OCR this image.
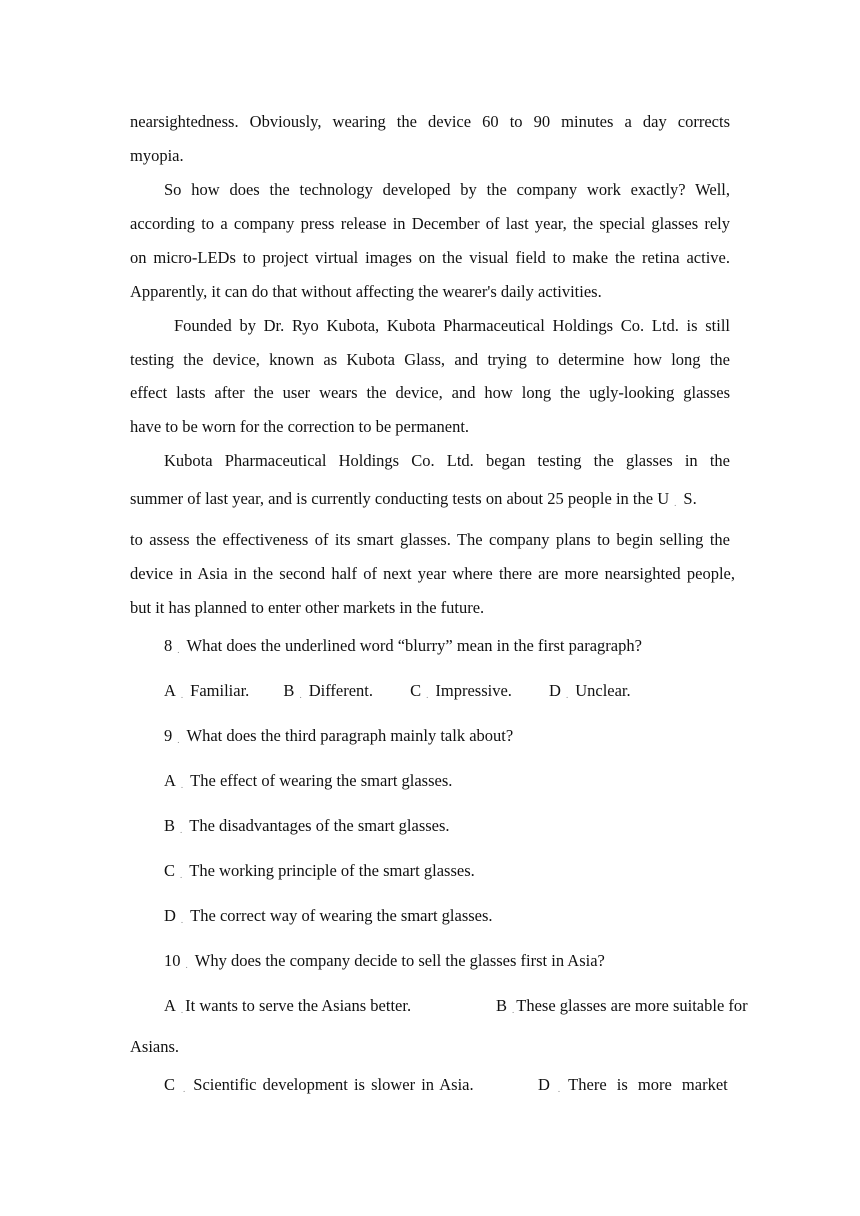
nearsightedness. Obviously, wearing the device 60 to 90 minutes a day corrects
myopia.
So how does the technology developed by the company work exactly? Well,
according to a company press release in December of last year, the special glasses rely
on micro-LEDs to project virtual images on the visual field to make the retina active.
Apparently, it can do that without affecting the wearer's daily activities.
Founded by Dr. Ryo Kubota, Kubota Pharmaceutical Holdings Co. Ltd. is still
testing the device, known as Kubota Glass, and trying to determine how long the
effect lasts after the user wears the device, and how long the ugly-looking glasses
have to be worn for the correction to be permanent.
Kubota Pharmaceutical Holdings Co. Ltd. began testing the glasses in the
summer of last year, and is currently conducting tests on about 25 people in the U . S.
to assess the effectiveness of its smart glasses. The company plans to begin selling the
device in Asia in the second half of next year where there are more nearsighted people,
but it has planned to enter other markets in the future.
8 . What does the underlined word “blurry” mean in the first paragraph?
A . Familiar. B . Different. C . Impressive. D . Unclear.
9 . What does the third paragraph mainly talk about?
A . The effect of wearing the smart glasses.
B . The disadvantages of the smart glasses.
C . The working principle of the smart glasses.
D . The correct way of wearing the smart glasses.
10 . Why does the company decide to sell the glasses first in Asia?
A . It wants to serve the Asians better.	B . These glasses are more suitable for
Asians.
C . Scientific development is slower in Asia.	D . There is more market
